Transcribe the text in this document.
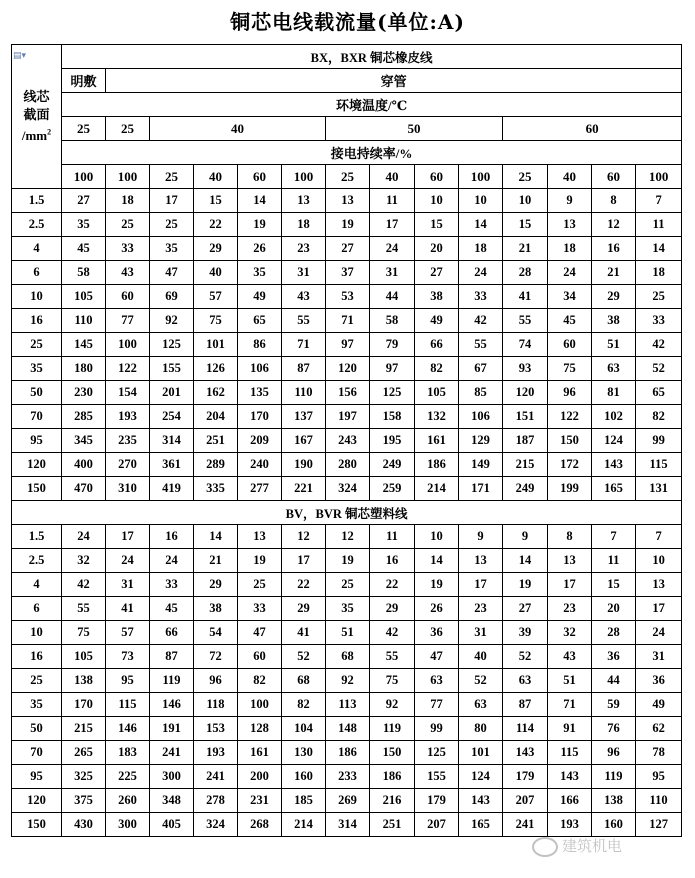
铜芯电线载流量(单位:A)
▤▾
线芯
截面
$/mm^2$	BX，BXR 铜芯橡皮线													
	明敷	穿管												
	环境温度/℃													
	25	25	40				50				60			
	接电持续率/%													
	100	100	25	40	60	100	25	40	60	100	25	40	60	100
1.5	27	18	17	15	14	13	13	11	10	10	10	9	8	7
2.5	35	25	25	22	19	18	19	17	15	14	15	13	12	11
4	45	33	35	29	26	23	27	24	20	18	21	18	16	14
6	58	43	47	40	35	31	37	31	27	24	28	24	21	18
10	105	60	69	57	49	43	53	44	38	33	41	34	29	25
16	110	77	92	75	65	55	71	58	49	42	55	45	38	33
25	145	100	125	101	86	71	97	79	66	55	74	60	51	42
35	180	122	155	126	106	87	120	97	82	67	93	75	63	52
50	230	154	201	162	135	110	156	125	105	85	120	96	81	65
70	285	193	254	204	170	137	197	158	132	106	151	122	102	82
95	345	235	314	251	209	167	243	195	161	129	187	150	124	99
120	400	270	361	289	240	190	280	249	186	149	215	172	143	115
150	470	310	419	335	277	221	324	259	214	171	249	199	165	131
BV，BVR 铜芯塑料线														
1.5	24	17	16	14	13	12	12	11	10	9	9	8	7	7
2.5	32	24	24	21	19	17	19	16	14	13	14	13	11	10
4	42	31	33	29	25	22	25	22	19	17	19	17	15	13
6	55	41	45	38	33	29	35	29	26	23	27	23	20	17
10	75	57	66	54	47	41	51	42	36	31	39	32	28	24
16	105	73	87	72	60	52	68	55	47	40	52	43	36	31
25	138	95	119	96	82	68	92	75	63	52	63	51	44	36
35	170	115	146	118	100	82	113	92	77	63	87	71	59	49
50	215	146	191	153	128	104	148	119	99	80	114	91	76	62
70	265	183	241	193	161	130	186	150	125	101	143	115	96	78
95	325	225	300	241	200	160	233	186	155	124	179	143	119	95
120	375	260	348	278	231	185	269	216	179	143	207	166	138	110
150	430	300	405	324	268	214	314	251	207	165	241	193	160	127
建筑机电
